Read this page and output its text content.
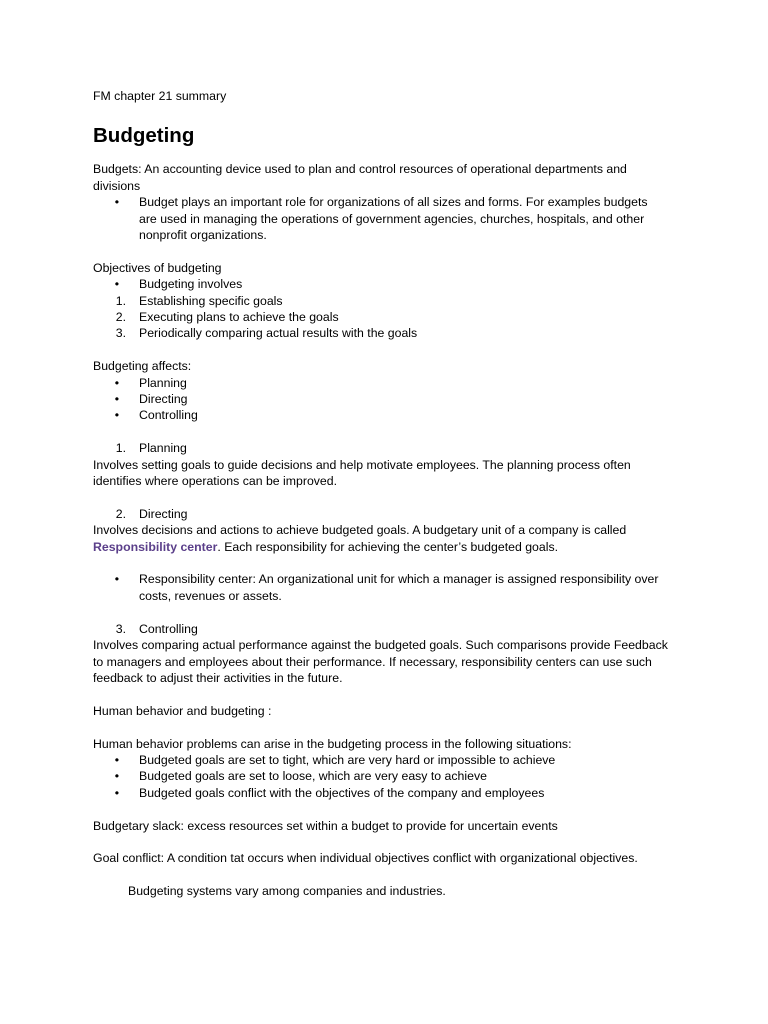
FM chapter 21 summary

Budgeting

Budgets: An accounting device used to plan and control resources of operational departments and divisions

• Budget plays an important role for organizations of all sizes and forms. For examples budgets are used in managing the operations of government agencies, churches, hospitals, and other nonprofit organizations.

Objectives of budgeting

• Budgeting involves
1. Establishing specific goals
2. Executing plans to achieve the goals
3. Periodically comparing actual results with the goals

Budgeting affects:

• Planning
• Directing
• Controlling
1. Planning

Involves setting goals to guide decisions and help motivate employees. The planning process often identifies where operations can be improved.

2. Directing

Involves decisions and actions to achieve budgeted goals. A budgetary unit of a company is called Responsibility center. Each responsibility for achieving the center’s budgeted goals.

• Responsibility center: An organizational unit for which a manager is assigned responsibility over costs, revenues or assets.
3. Controlling

Involves comparing actual performance against the budgeted goals. Such comparisons provide Feedback to managers and employees about their performance. If necessary, responsibility centers can use such feedback to adjust their activities in the future.

Human behavior and budgeting :

Human behavior problems can arise in the budgeting process in the following situations:

• Budgeted goals are set to tight, which are very hard or impossible to achieve
• Budgeted goals are set to loose, which are very easy to achieve
• Budgeted goals conflict with the objectives of the company and employees

Budgetary slack: excess resources set within a budget to provide for uncertain events

Goal conflict: A condition tat occurs when individual objectives conflict with organizational objectives.

Budgeting systems vary among companies and industries.
